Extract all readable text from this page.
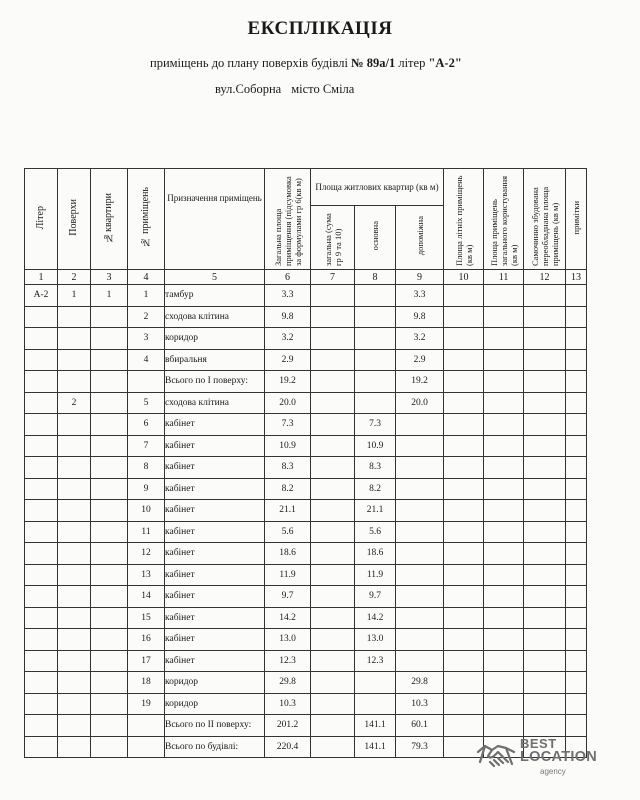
ЕКСПЛІКАЦІЯ
приміщень до плану поверхів будівлі № 89а/1 літер "А-2"
вул.Соборна місто Сміла
Літер	Поверхи	№квартири	№ приміщень	Призначення приміщень	Загальна площа приміщення (підсумовка за формулами гр 6(кв м)	Площа житлових квартир (кв м)			Площа літніх приміщень (кв м)	Площа приміщень загального користування (кв м)	Самочинно збудована переобладнана площа приміщень (кв м)	примітки
						загальна (сума гр 9 та 10)	основна	допоміжна				
1	2	3	4	5	6	7	8	9	10	11	12	13
А-2	1	1	1	тамбур	3.3			3.3				
			2	сходова клітина	9.8			9.8				
			3	коридор	3.2			3.2				
			4	вбиральня	2.9			2.9				
				Всього по I поверху:	19.2			19.2				
	2		5	сходова клітина	20.0			20.0				
			6	кабінет	7.3		7.3					
			7	кабінет	10.9		10.9					
			8	кабінет	8.3		8.3					
			9	кабінет	8.2		8.2					
			10	кабінет	21.1		21.1					
			11	кабінет	5.6		5.6					
			12	кабінет	18.6		18.6					
			13	кабінет	11.9		11.9					
			14	кабінет	9.7		9.7					
			15	кабінет	14.2		14.2					
			16	кабінет	13.0		13.0					
			17	кабінет	12.3		12.3					
			18	коридор	29.8			29.8				
			19	коридор	10.3			10.3				
				Всього по II поверху:	201.2		141.1	60.1				
				Всього по будівлі:	220.4		141.1	79.3					BEST
LOCATION
agency
